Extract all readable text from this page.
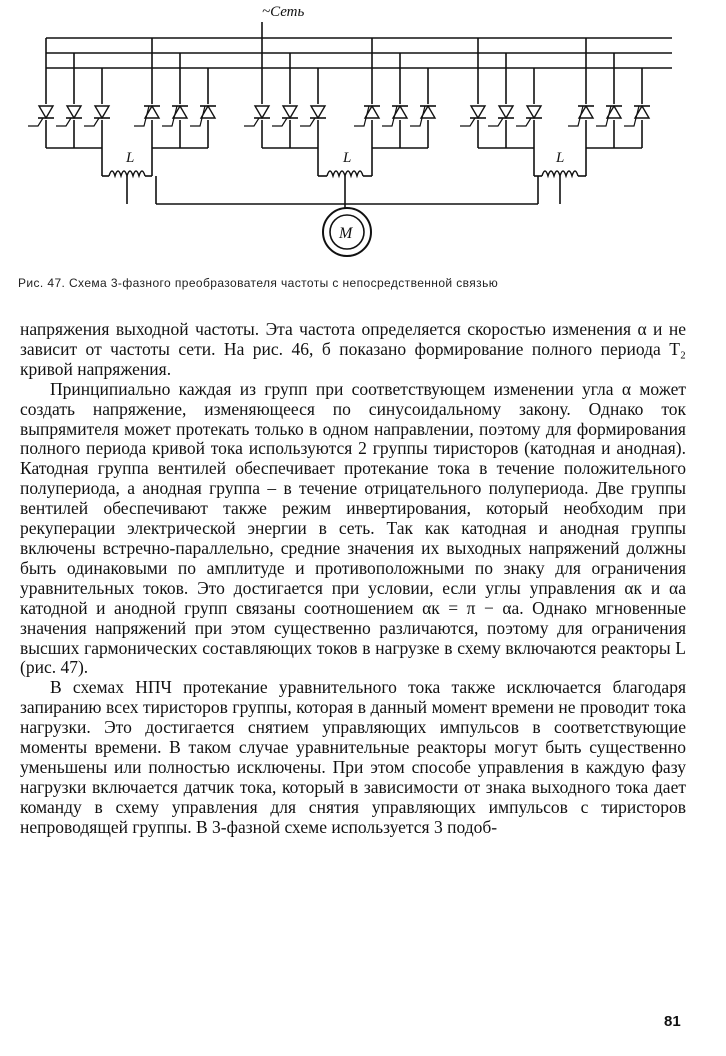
~Сеть
L	L	L
M
Рис. 47. Схема 3-фазного преобразователя частоты с непосредственной связью

напряжения выходной частоты. Эта частота определяется скоростью изменения α и не зависит от частоты сети. На рис. 46, б показано формирование полного периода T₂ кривой напряжения.

Принципиально каждая из групп при соответствующем изменении угла α может создать напряжение, изменяющееся по синусоидальному закону. Однако ток выпрямителя может протекать только в одном направлении, поэтому для формирования полного периода кривой тока используются 2 группы тиристоров (катодная и анодная). Катодная группа вентилей обеспечивает протекание тока в течение положительного полупериода, а анодная группа – в течение отрицательного полупериода. Две группы вентилей обеспечивают также режим инвертирования, который необходим при рекуперации электрической энергии в сеть. Так как катодная и анодная группы включены встречно-параллельно, средние значения их выходных напряжений должны быть одинаковыми по амплитуде и противоположными по знаку для ограничения уравнительных токов. Это достигается при условии, если углы управления αк и αа катодной и анодной групп связаны соотношением αк = π − αа. Однако мгновенные значения напряжений при этом существенно различаются, поэтому для ограничения высших гармонических составляющих токов в нагрузке в схему включаются реакторы L (рис. 47).

В схемах НПЧ протекание уравнительного тока также исключается благодаря запиранию всех тиристоров группы, которая в данный момент времени не проводит тока нагрузки. Это достигается снятием управляющих импульсов в соответствующие моменты времени. В таком случае уравнительные реакторы могут быть существенно уменьшены или полностью исключены. При этом способе управления в каждую фазу нагрузки включается датчик тока, который в зависимости от знака выходного тока дает команду в схему управления для снятия управляющих импульсов с тиристоров непроводящей группы. В 3-фазной схеме используется 3 подоб-

81
